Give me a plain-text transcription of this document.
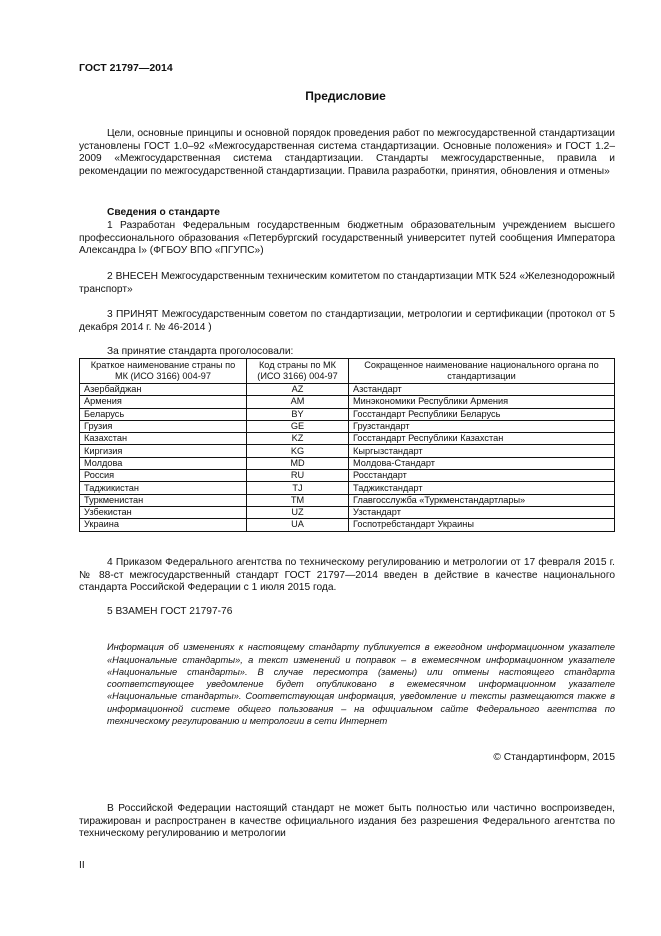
ГОСТ 21797—2014
Предисловие

Цели, основные принципы и основной порядок проведения работ по межгосударственной стандартизации установлены ГОСТ 1.0–92 «Межгосударственная система стандартизации. Основные положения» и ГОСТ 1.2–2009 «Межгосударственная система стандартизации. Стандарты межгосударственные, правила и рекомендации по межгосударственной стандартизации. Правила разработки, принятия, обновления и отмены»

Сведения о стандарте

1 Разработан Федеральным государственным бюджетным образовательным учреждением высшего профессионального образования «Петербургский государственный университет путей сообщения Императора Александра I» (ФГБОУ ВПО «ПГУПС»)

2 ВНЕСЕН Межгосударственным техническим комитетом по стандартизации МТК 524 «Железнодорожный транспорт»

3 ПРИНЯТ Межгосударственным советом по стандартизации, метрологии и сертификации (протокол от 5 декабря 2014 г. № 46-2014 )

За принятие стандарта проголосовали:
Краткое наименование страны по МК (ИСО 3166) 004-97	Код страны по МК (ИСО 3166) 004-97	Сокращенное наименование национального органа по стандартизации
Азербайджан	AZ	Азстандарт
Армения	AM	Минэкономики Республики Армения
Беларусь	BY	Госстандарт Республики Беларусь
Грузия	GE	Грузстандарт
Казахстан	KZ	Госстандарт Республики Казахстан
Киргизия	KG	Кыргызстандарт
Молдова	MD	Молдова-Стандарт
Россия	RU	Росстандарт
Таджикистан	TJ	Таджикстандарт
Туркменистан	TM	Главгосслужба «Туркменстандартлары»
Узбекистан	UZ	Узстандарт
Украина	UA	Госпотребстандарт Украины

4 Приказом Федерального агентства по техническому регулированию и метрологии от 17 февраля 2015 г. № 88-ст межгосударственный стандарт ГОСТ 21797—2014 введен в действие в качестве национального стандарта Российской Федерации с 1 июля 2015 года.

5 ВЗАМЕН ГОСТ 21797-76

Информация об изменениях к настоящему стандарту публикуется в ежегодном информационном указателе «Национальные стандарты», а текст изменений и поправок – в ежемесячном информационном указателе «Национальные стандарты». В случае пересмотра (замены) или отмены настоящего стандарта соответствующее уведомление будет опубликовано в ежемесячном информационном указателе «Национальные стандарты». Соответствующая информация, уведомление и тексты размещаются также в информационной системе общего пользования – на официальном сайте Федерального агентства по техническому регулированию и метрологии в сети Интернет

© Стандартинформ, 2015

В Российской Федерации настоящий стандарт не может быть полностью или частично воспроизведен, тиражирован и распространен в качестве официального издания без разрешения Федерального агентства по техническому регулированию и метрологии

II
